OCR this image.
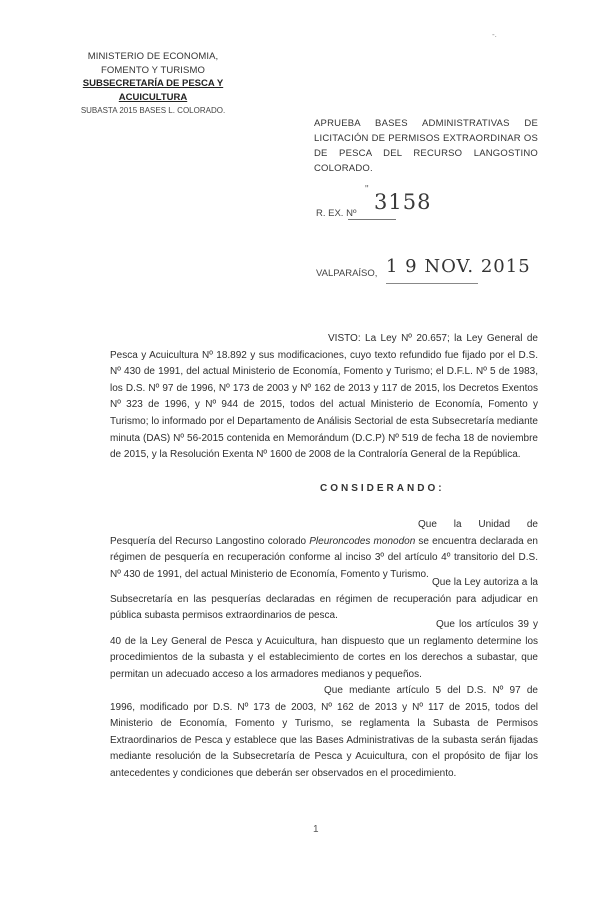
-.
MINISTERIO DE ECONOMIA,
FOMENTO Y TURISMO
SUBSECRETARÍA DE PESCA Y ACUICULTURA
SUBASTA 2015 BASES L. COLORADO.
APRUEBA BASES ADMINISTRATIVAS DE LICITACIÓN DE PERMISOS EXTRAORDINAR OS DE PESCA DEL RECURSO LANGOSTINO COLORADO.
"
R. EX. Nº 3158
VALPARAÍSO, 1 9 NOV. 2015
VISTO: La Ley Nº 20.657; la Ley General de Pesca y Acuicultura Nº 18.892 y sus modificaciones, cuyo texto refundido fue fijado por el D.S. Nº 430 de 1991, del actual Ministerio de Economía, Fomento y Turismo; el D.F.L. Nº 5 de 1983, los D.S. Nº 97 de 1996, Nº 173 de 2003 y Nº 162 de 2013 y 117 de 2015, los Decretos Exentos Nº 323 de 1996, y Nº 944 de 2015, todos del actual Ministerio de Economía, Fomento y Turismo; lo informado por el Departamento de Análisis Sectorial de esta Subsecretaría mediante minuta (DAS) Nº 56-2015 contenida en Memorándum (D.C.P) Nº 519 de fecha 18 de noviembre de 2015, y la Resolución Exenta Nº 1600 de 2008 de la Contraloría General de la República.
CONSIDERANDO:
Que la Unidad de Pesquería del Recurso Langostino colorado Pleuroncodes monodon se encuentra declarada en régimen de pesquería en recuperación conforme al inciso 3º del artículo 4º transitorio del D.S. Nº 430 de 1991, del actual Ministerio de Economía, Fomento y Turismo.
Que la Ley autoriza a la Subsecretaría en las pesquerías declaradas en régimen de recuperación para adjudicar en pública subasta permisos extraordinarios de pesca.
Que los artículos 39 y 40 de la Ley General de Pesca y Acuicultura, han dispuesto que un reglamento determine los procedimientos de la subasta y el establecimiento de cortes en los derechos a subastar, que permitan un adecuado acceso a los armadores medianos y pequeños.
Que mediante artículo 5 del D.S. Nº 97 de 1996, modificado por D.S. Nº 173 de 2003, Nº 162 de 2013 y Nº 117 de 2015, todos del Ministerio de Economía, Fomento y Turismo, se reglamenta la Subasta de Permisos Extraordinarios de Pesca y establece que las Bases Administrativas de la subasta serán fijadas mediante resolución de la Subsecretaría de Pesca y Acuicultura, con el propósito de fijar los antecedentes y condiciones que deberán ser observados en el procedimiento.
1
